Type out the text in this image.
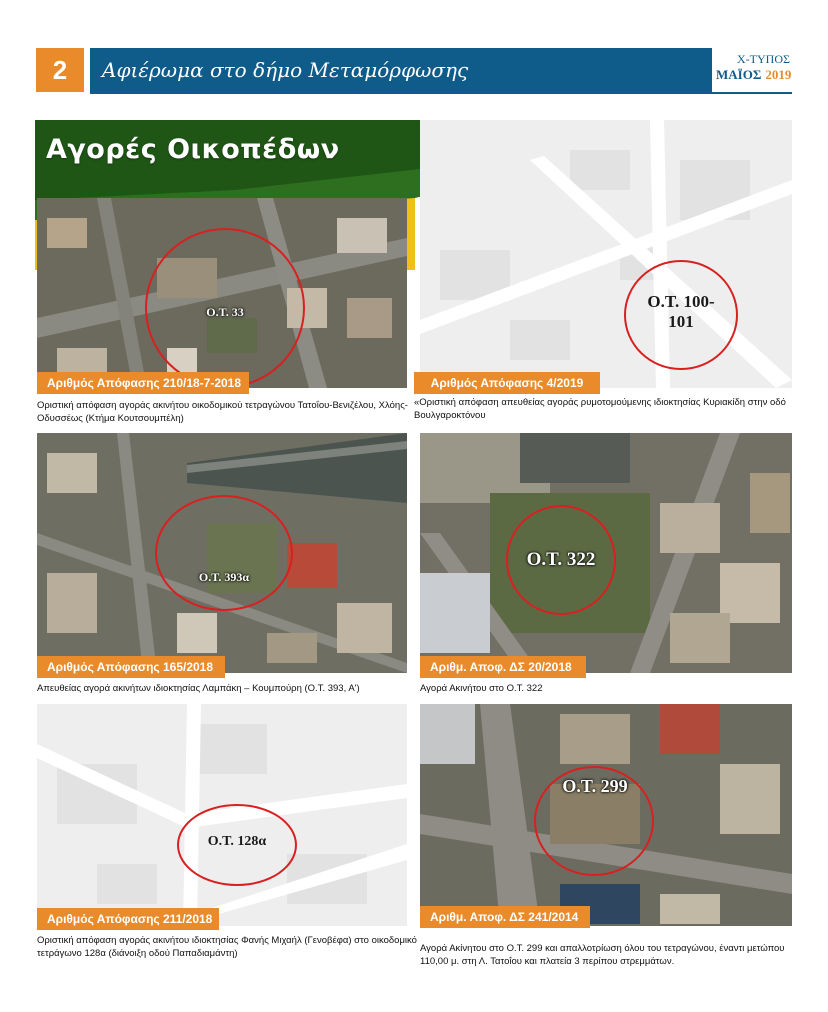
2	Αφιέρωμα στο δήμο Μεταμόρφωσης	Χ-ΤΥΠΟΣ
ΜΑΪΟΣ 2019
Αγορές Οικοπέδων
Ο.Τ. 33
Αριθμός Απόφασης 210/18-7-2018
Οριστική απόφαση αγοράς ακινήτου οικοδομικού τετραγώνου Τατοΐου-Βενιζέλου, Χλόης-Οδυσσέως (Κτήμα Κουτσουμπέλη)
Ο.Τ. 100-101
Αριθμός Απόφασης 4/2019
«Οριστική απόφαση απευθείας αγοράς ρυμοτομούμενης ιδιοκτησίας Κυριακίδη στην οδό Βουλγαροκτόνου
Ο.Τ. 393α
Αριθμός Απόφασης 165/2018
Απευθείας αγορά ακινήτων ιδιοκτησίας Λαμπάκη – Κουμπούρη (Ο.Τ. 393, Α')
Ο.Τ. 322
Αριθμ. Αποφ. ΔΣ 20/2018
Αγορά Ακινήτου στο Ο.Τ. 322
Ο.Τ. 128α
Αριθμός Απόφασης 211/2018
Οριστική απόφαση αγοράς ακινήτου ιδιοκτησίας Φανής Μιχαήλ (Γενοβέφα) στο οικοδομικό τετράγωνο 128α (διάνοιξη οδού Παπαδιαμάντη)
Ο.Τ. 299
Αριθμ. Αποφ. ΔΣ 241/2014
Αγορά Ακίνητου στο Ο.Τ. 299 και απαλλοτρίωση όλου του τετραγώνου, έναντι μετώπου 110,00 μ. στη Λ. Τατοΐου και πλατεία 3 περίπου στρεμμάτων.
